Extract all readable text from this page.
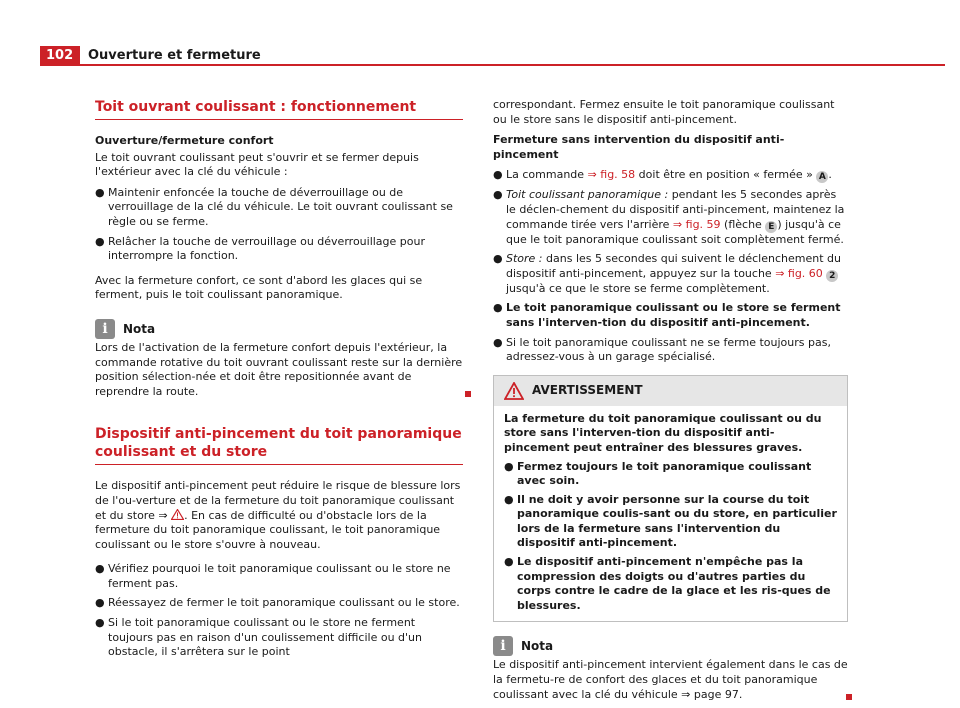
102	Ouverture et fermeture
Toit ouvrant coulissant : fonctionnement
Ouverture/fermeture confort

Le toit ouvrant coulissant peut s'ouvrir et se fermer depuis l'extérieur avec la clé du véhicule :

● Maintenir enfoncée la touche de déverrouillage ou de verrouillage de la clé du véhicule. Le toit ouvrant coulissant se règle ou se ferme.
● Relâcher la touche de verrouillage ou déverrouillage pour interrompre la fonction.

Avec la fermeture confort, ce sont d'abord les glaces qui se ferment, puis le toit coulissant panoramique.

i	Nota

Lors de l'activation de la fermeture confort depuis l'extérieur, la commande rotative du toit ouvrant coulissant reste sur la dernière position sélection-née et doit être repositionnée avant de reprendre la route.

Dispositif anti-pincement du toit panoramique coulissant et du store

Le dispositif anti-pincement peut réduire le risque de blessure lors de l'ou-verture et de la fermeture du toit panoramique coulissant et du store ⇒ . En cas de difficulté ou d'obstacle lors de la fermeture du toit panoramique coulissant, le toit panoramique coulissant ou le store s'ouvre à nouveau.

● Vérifiez pourquoi le toit panoramique coulissant ou le store ne ferment pas.
● Réessayez de fermer le toit panoramique coulissant ou le store.
● Si le toit panoramique coulissant ou le store ne ferment toujours pas en raison d'un coulissement difficile ou d'un obstacle, il s'arrêtera sur le point

correspondant. Fermez ensuite le toit panoramique coulissant ou le store sans le dispositif anti-pincement.

Fermeture sans intervention du dispositif anti-pincement
● La commande ⇒ fig. 58 doit être en position « fermée » A .
● Toit coulissant panoramique : pendant les 5 secondes après le déclen-chement du dispositif anti-pincement, maintenez la commande tirée vers l'arrière ⇒ fig. 59 (flèche E ) jusqu'à ce que le toit panoramique coulissant soit complètement fermé.
● Store : dans les 5 secondes qui suivent le déclenchement du dispositif anti-pincement, appuyez sur la touche ⇒ fig. 60 2 jusqu'à ce que le store se ferme complètement.
● Le toit panoramique coulissant ou le store se ferment sans l'interven-tion du dispositif anti-pincement.
● Si le toit panoramique coulissant ne se ferme toujours pas, adressez-vous à un garage spécialisé.
AVERTISSEMENT

La fermeture du toit panoramique coulissant ou du store sans l'interven-tion du dispositif anti-pincement peut entraîner des blessures graves.

● Fermez toujours le toit panoramique coulissant avec soin.
● Il ne doit y avoir personne sur la course du toit panoramique coulis-sant ou du store, en particulier lors de la fermeture sans l'intervention du dispositif anti-pincement.
● Le dispositif anti-pincement n'empêche pas la compression des doigts ou d'autres parties du corps contre le cadre de la glace et les ris-ques de blessures.
i	Nota

Le dispositif anti-pincement intervient également dans le cas de la fermetu-re de confort des glaces et du toit panoramique coulissant avec la clé du véhicule ⇒ page 97.
